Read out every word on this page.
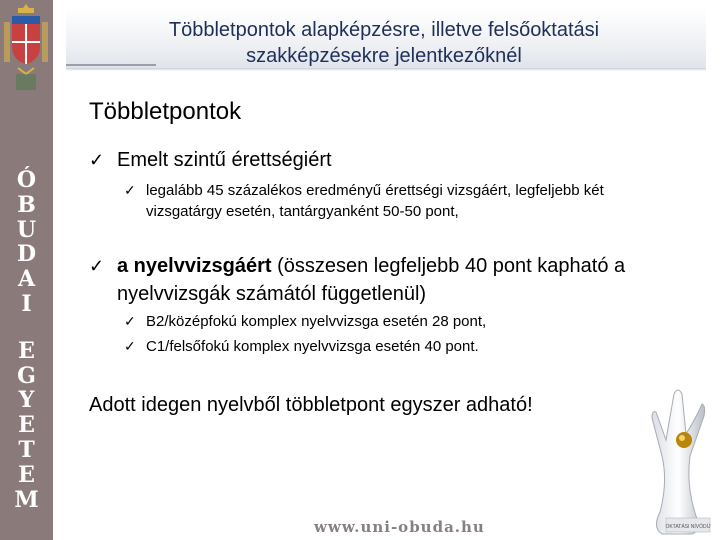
Ó
B
U
D
A
I
E
G
Y
E
T
E
M
Többletpontok alapképzésre, illetve felsőoktatási
szakképzésekre jelentkezőknél
Többletpontok
✓ Emelt szintű érettségiért
✓ legalább 45 százalékos eredményű érettségi vizsgáért, legfeljebb két
vizsgatárgy esetén, tantárgyanként 50-50 pont,
✓ a nyelvvizsgáért (összesen legfeljebb 40 pont kapható a
nyelvvizsgák számától függetlenül)
✓ B2/középfokú komplex nyelvvizsga esetén 28 pont,
✓ C1/felsőfokú komplex nyelvvizsga esetén 40 pont.
Adott idegen nyelvből többletpont egyszer adható!
OKTATÁSI NÍVÓDÍJ
www.uni-obuda.hu
